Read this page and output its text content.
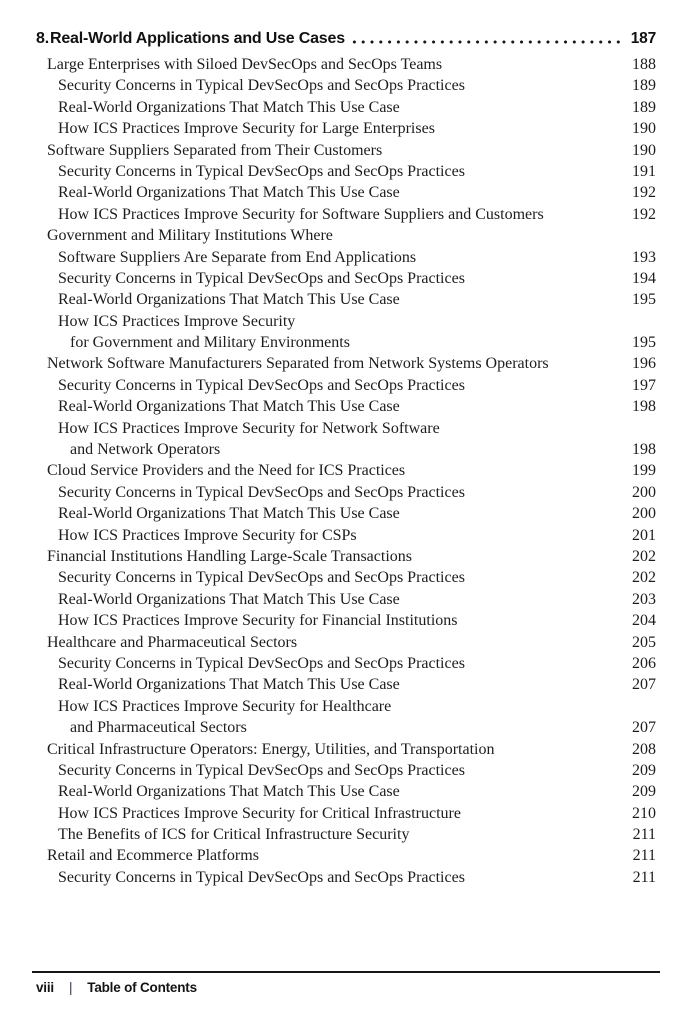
8. Real-World Applications and Use Cases	187
Large Enterprises with Siloed DevSecOps and SecOps Teams	188
Security Concerns in Typical DevSecOps and SecOps Practices	189
Real-World Organizations That Match This Use Case	189
How ICS Practices Improve Security for Large Enterprises	190
Software Suppliers Separated from Their Customers	190
Security Concerns in Typical DevSecOps and SecOps Practices	191
Real-World Organizations That Match This Use Case	192
How ICS Practices Improve Security for Software Suppliers and Customers	192
Government and Military Institutions Where
Software Suppliers Are Separate from End Applications	193
Security Concerns in Typical DevSecOps and SecOps Practices	194
Real-World Organizations That Match This Use Case	195
How ICS Practices Improve Security
for Government and Military Environments	195
Network Software Manufacturers Separated from Network Systems Operators	196
Security Concerns in Typical DevSecOps and SecOps Practices	197
Real-World Organizations That Match This Use Case	198
How ICS Practices Improve Security for Network Software
and Network Operators	198
Cloud Service Providers and the Need for ICS Practices	199
Security Concerns in Typical DevSecOps and SecOps Practices	200
Real-World Organizations That Match This Use Case	200
How ICS Practices Improve Security for CSPs	201
Financial Institutions Handling Large-Scale Transactions	202
Security Concerns in Typical DevSecOps and SecOps Practices	202
Real-World Organizations That Match This Use Case	203
How ICS Practices Improve Security for Financial Institutions	204
Healthcare and Pharmaceutical Sectors	205
Security Concerns in Typical DevSecOps and SecOps Practices	206
Real-World Organizations That Match This Use Case	207
How ICS Practices Improve Security for Healthcare
and Pharmaceutical Sectors	207
Critical Infrastructure Operators: Energy, Utilities, and Transportation	208
Security Concerns in Typical DevSecOps and SecOps Practices	209
Real-World Organizations That Match This Use Case	209
How ICS Practices Improve Security for Critical Infrastructure	210
The Benefits of ICS for Critical Infrastructure Security	211
Retail and Ecommerce Platforms	211
Security Concerns in Typical DevSecOps and SecOps Practices	211
viii | Table of Contents
